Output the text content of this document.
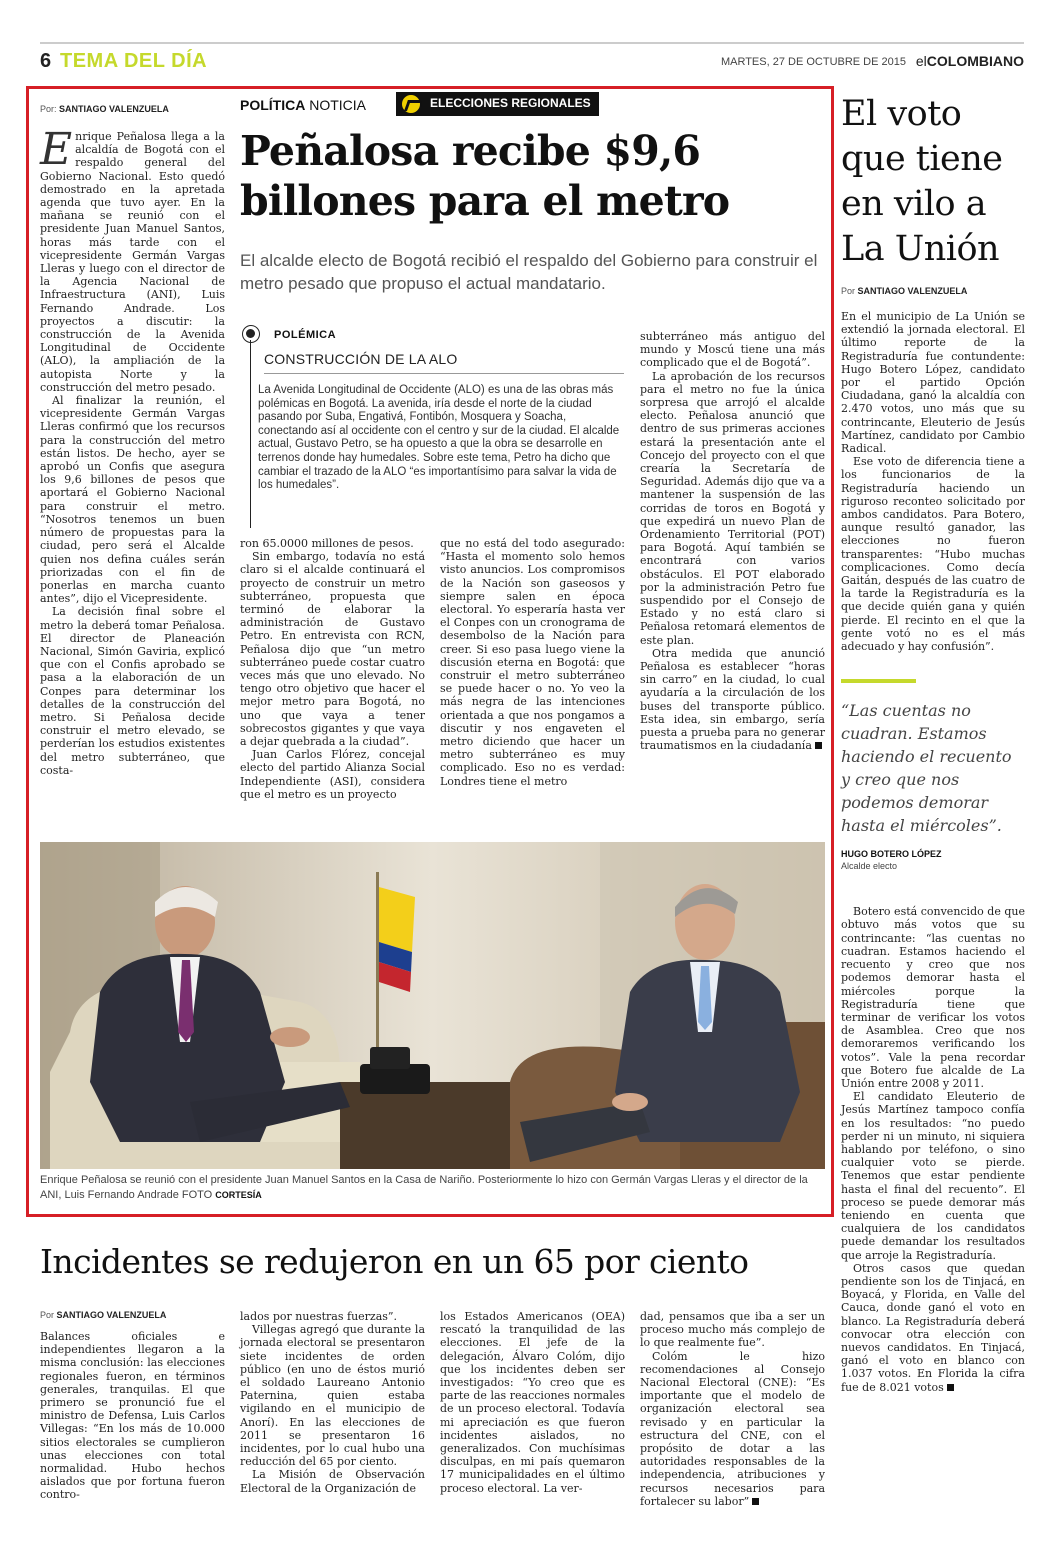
6 TEMA DEL DÍA	MARTES, 27 DE OCTUBRE DE 2015 elCOLOMBIANO
Por: SANTIAGO VALENZUELA

Enrique Peñalosa llega a la alcaldía de Bogotá con el respaldo general del Gobierno Nacional. Esto quedó demostrado en la apretada agenda que tuvo ayer. En la mañana se reunió con el presidente Juan Manuel Santos, horas más tarde con el vicepresidente Germán Vargas Lleras y luego con el director de la Agencia Nacional de Infraestructura (ANI), Luis Fernando Andrade. Los proyectos a discutir: la construcción de la Avenida Longitudinal de Occidente (ALO), la ampliación de la autopista Norte y la construcción del metro pesado.

Al finalizar la reunión, el vicepresidente Germán Vargas Lleras confirmó que los recursos para la construcción del metro están listos. De hecho, ayer se aprobó un Confis que asegura los 9,6 billones de pesos que aportará el Gobierno Nacional para construir el metro. “Nosotros tenemos un buen número de propuestas para la ciudad, pero será el Alcalde quien nos defina cuáles serán priorizadas con el fin de ponerlas en marcha cuanto antes”, dijo el Vicepresidente.

La decisión final sobre el metro la deberá tomar Peñalosa. El director de Planeación Nacional, Simón Gaviria, explicó que con el Confis aprobado se pasa a la elaboración de un Conpes para determinar los detalles de la construcción del metro. Si Peñalosa decide construir el metro elevado, se perderían los estudios existentes del metro subterráneo, que costa-

POLÍTICA NOTICIA	ELECCIONES REGIONALES
Peñalosa recibe $9,6 billones para el metro
El alcalde electo de Bogotá recibió el respaldo del Gobierno para construir el metro pesado que propuso el actual mandatario.
POLÉMICA
CONSTRUCCIÓN DE LA ALO
La Avenida Longitudinal de Occidente (ALO) es una de las obras más polémicas en Bogotá. La avenida, iría desde el norte de la ciudad pasando por Suba, Engativá, Fontibón, Mosquera y Soacha, conectando así al occidente con el centro y sur de la ciudad. El alcalde actual, Gustavo Petro, se ha opuesto a que la obra se desarrolle en terrenos donde hay humedales. Sobre este tema, Petro ha dicho que cambiar el trazado de la ALO “es importantísimo para salvar la vida de los humedales”.

ron 65.0000 millones de pesos.

Sin embargo, todavía no está claro si el alcalde continuará el proyecto de construir un metro subterráneo, propuesta que terminó de elaborar la administración de Gustavo Petro. En entrevista con RCN, Peñalosa dijo que “un metro subterráneo puede costar cuatro veces más que uno elevado. No tengo otro objetivo que hacer el mejor metro para Bogotá, no uno que vaya a tener sobrecostos gigantes y que vaya a dejar quebrada a la ciudad”.

Juan Carlos Flórez, concejal electo del partido Alianza Social Independiente (ASI), considera que el metro es un proyecto

que no está del todo asegurado: “Hasta el momento solo hemos visto anuncios. Los compromisos de la Nación son gaseosos y siempre salen en época electoral. Yo esperaría hasta ver el Conpes con un cronograma de desembolso de la Nación para creer. Si eso pasa luego viene la discusión eterna en Bogotá: que construir el metro subterráneo se puede hacer o no. Yo veo la más negra de las intenciones orientada a que nos pongamos a discutir y nos engaveten el metro diciendo que hacer un metro subterráneo es muy complicado. Eso no es verdad: Londres tiene el metro

subterráneo más antiguo del mundo y Moscú tiene una más complicado que el de Bogotá”.

La aprobación de los recursos para el metro no fue la única sorpresa que arrojó el alcalde electo. Peñalosa anunció que dentro de sus primeras acciones estará la presentación ante el Concejo del proyecto con el que crearía la Secretaría de Seguridad. Además dijo que va a mantener la suspensión de las corridas de toros en Bogotá y que expedirá un nuevo Plan de Ordenamiento Territorial (POT) para Bogotá. Aquí también se encontrará con varios obstáculos. El POT elaborado por la administración Petro fue suspendido por el Consejo de Estado y no está claro si Peñalosa retomará elementos de este plan.

Otra medida que anunció Peñalosa es establecer “horas sin carro” en la ciudad, lo cual ayudaría a la circulación de los buses del transporte público. Esta idea, sin embargo, sería puesta a prueba para no generar traumatismos en la ciudadanía

Enrique Peñalosa se reunió con el presidente Juan Manuel Santos en la Casa de Nariño. Posteriormente lo hizo con Germán Vargas Lleras y el director de la ANI, Luis Fernando Andrade FOTO CORTESÍA
El voto que tiene en vilo a La Unión
Por SANTIAGO VALENZUELA

En el municipio de La Unión se extendió la jornada electoral. El último reporte de la Registraduría fue contundente: Hugo Botero López, candidato por el partido Opción Ciudadana, ganó la alcaldía con 2.470 votos, uno más que su contrincante, Eleuterio de Jesús Martínez, candidato por Cambio Radical.

Ese voto de diferencia tiene a los funcionarios de la Registraduría haciendo un riguroso reconteo solicitado por ambos candidatos. Para Botero, aunque resultó ganador, las elecciones no fueron transparentes: “Hubo muchas complicaciones. Como decía Gaitán, después de las cuatro de la tarde la Registraduría es la que decide quién gana y quién pierde. El recinto en el que la gente votó no es el más adecuado y hay confusión”.

“Las cuentas no cuadran. Estamos haciendo el recuento y creo que nos podemos demorar hasta el miércoles”.
HUGO BOTERO LÓPEZ
Alcalde electo

Botero está convencido de que obtuvo más votos que su contrincante: “las cuentas no cuadran. Estamos haciendo el recuento y creo que nos podemos demorar hasta el miércoles porque la Registraduría tiene que terminar de verificar los votos de Asamblea. Creo que nos demoraremos verificando los votos”. Vale la pena recordar que Botero fue alcalde de La Unión entre 2008 y 2011.

El candidato Eleuterio de Jesús Martínez tampoco confía en los resultados: “no puedo perder ni un minuto, ni siquiera hablando por teléfono, o sino cualquier voto se pierde. Tenemos que estar pendiente hasta el final del recuento”. El proceso se puede demorar más teniendo en cuenta que cualquiera de los candidatos puede demandar los resultados que arroje la Registraduría.

Otros casos que quedan pendiente son los de Tinjacá, en Boyacá, y Florida, en Valle del Cauca, donde ganó el voto en blanco. La Registraduría deberá convocar otra elección con nuevos candidatos. En Tinjacá, ganó el voto en blanco con 1.037 votos. En Florida la cifra fue de 8.021 votos

Incidentes se redujeron en un 65 por ciento
Por SANTIAGO VALENZUELA

Balances oficiales e independientes llegaron a la misma conclusión: las elecciones regionales fueron, en términos generales, tranquilas. El que primero se pronunció fue el ministro de Defensa, Luis Carlos Villegas: “En los más de 10.000 sitios electorales se cumplieron unas elecciones con total normalidad. Hubo hechos aislados que por fortuna fueron contro-

lados por nuestras fuerzas”.

Villegas agregó que durante la jornada electoral se presentaron siete incidentes de orden público (en uno de éstos murió el soldado Laureano Antonio Paternina, quien estaba vigilando en el municipio de Anorí). En las elecciones de 2011 se presentaron 16 incidentes, por lo cual hubo una reducción del 65 por ciento.

La Misión de Observación Electoral de la Organización de

los Estados Americanos (OEA) rescató la tranquilidad de las elecciones. El jefe de la delegación, Álvaro Colóm, dijo que los incidentes deben ser investigados: “Yo creo que es parte de las reacciones normales de un proceso electoral. Todavía mi apreciación es que fueron incidentes aislados, no generalizados. Con muchísimas disculpas, en mi país quemaron 17 municipalidades en el último proceso electoral. La ver-

dad, pensamos que iba a ser un proceso mucho más complejo de lo que realmente fue”.

Colóm le hizo recomendaciones al Consejo Nacional Electoral (CNE): “Es importante que el modelo de organización electoral sea revisado y en particular la estructura del CNE, con el propósito de dotar a las autoridades responsables de la independencia, atribuciones y recursos necesarios para fortalecer su labor”
